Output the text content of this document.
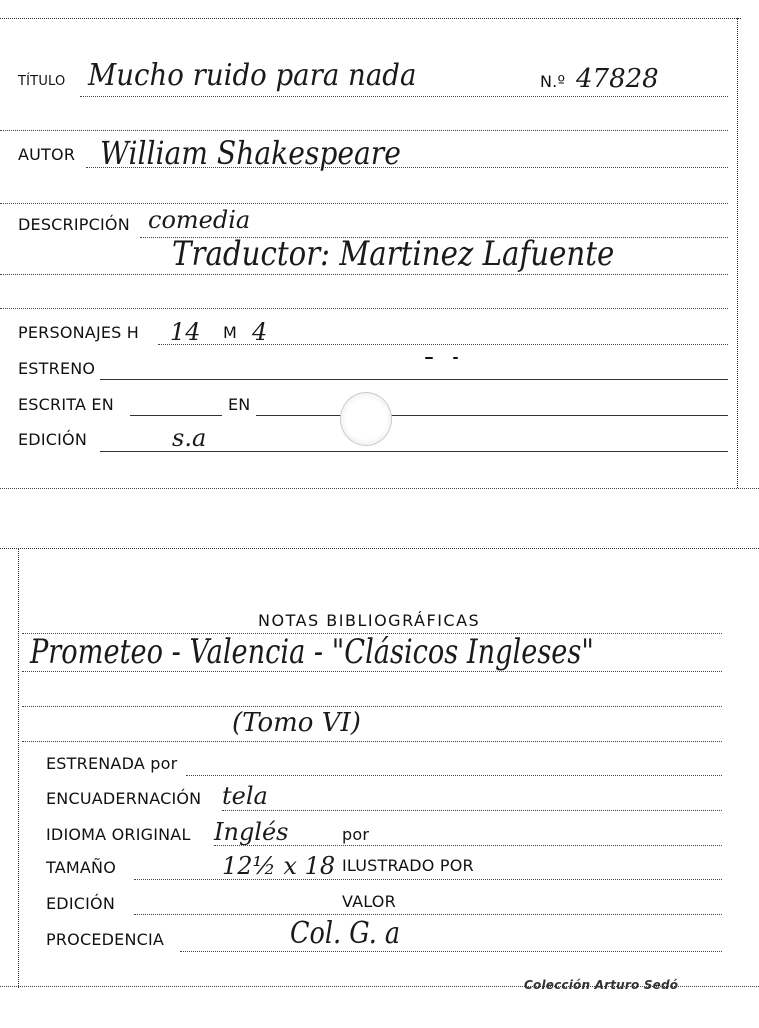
TÍTULO Mucho ruido para nada	N.º 47828
AUTOR William Shakespeare
DESCRIPCIÓN comedia
Traductor: Martinez Lafuente
PERSONAJES H 14 M 4
ESTRENO
ESCRITA EN	EN
EDICIÓN	s.a
NOTAS BIBLIOGRÁFICAS
Prometeo - Valencia - "Clásicos Ingleses"
(Tomo VI)
ESTRENADA por
ENCUADERNACIÓN tela
IDIOMA ORIGINAL Inglés	por
TAMAÑO	12½ x 18 ILUSTRADO POR
EDICIÓN	VALOR
PROCEDENCIA	Col. G. a
Colección Arturo Sedó
